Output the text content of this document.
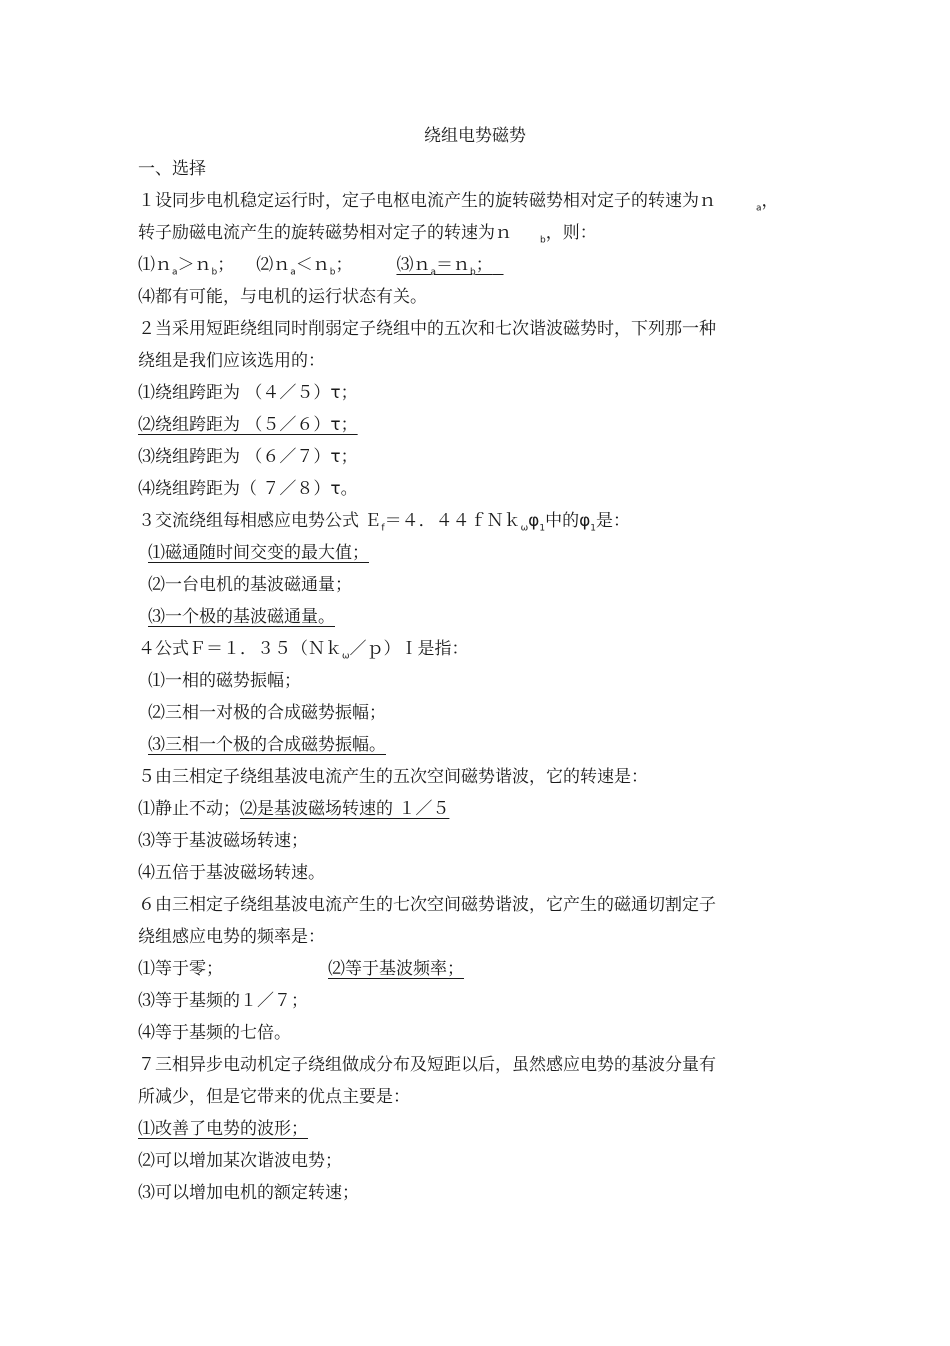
绕组电势磁势
一、选择
１设同步电机稳定运行时，定子电枢电流产生的旋转磁势相对定子的转速为ｎ	$_a$，
转子励磁电流产生的旋转磁势相对定子的转速为ｎ	$_b$，则：
⑴ｎ$_a$＞ｎ$_b$； ⑵ｎ$_a$＜ｎ$_b$；	⑶ｎ$_a$＝ｎ$_b$；
⑷都有可能，与电机的运行状态有关。
２当采用短距绕组同时削弱定子绕组中的五次和七次谐波磁势时，下列那一种
绕组是我们应该选用的：
⑴绕组跨距为 （４／５）τ；
⑵绕组跨距为 （５／６）τ；
⑶绕组跨距为 （６／７）τ；
⑷绕组跨距为（ ７／８）τ。
３交流绕组每相感应电势公式 Ｅ$_f$＝４．$44fNk_\omega\varphi_1$中的$\varphi_1$是：
⑴磁通随时间交变的最大值；
⑵一台电机的基波磁通量；
⑶一个极的基波磁通量。
４公式Ｆ＝１．３５（Ｎｋ$_\omega$／ｐ）Ｉ是指：
⑴一相的磁势振幅；
⑵三相一对极的合成磁势振幅；
⑶三相一个极的合成磁势振幅。
５由三相定子绕组基波电流产生的五次空间磁势谐波，它的转速是：
⑴静止不动；⑵是基波磁场转速的 １／５
⑶等于基波磁场转速；
⑷五倍于基波磁场转速。
６由三相定子绕组基波电流产生的七次空间磁势谐波，它产生的磁通切割定子
绕组感应电势的频率是：
⑴等于零；	⑵等于基波频率；
⑶等于基频的１／７；
⑷等于基频的七倍。
７三相异步电动机定子绕组做成分布及短距以后，虽然感应电势的基波分量有
所减少，但是它带来的优点主要是：
⑴改善了电势的波形；
⑵可以增加某次谐波电势；
⑶可以增加电机的额定转速；
